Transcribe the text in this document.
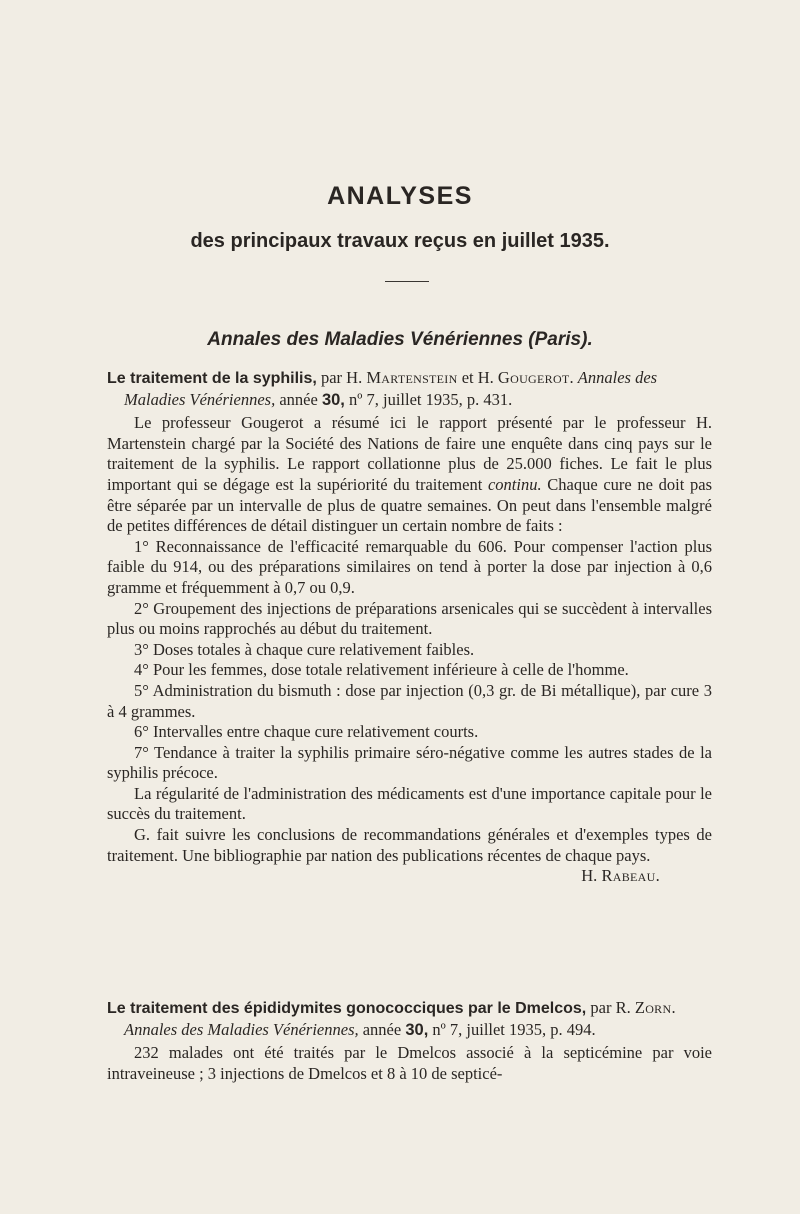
ANALYSES
des principaux travaux reçus en juillet 1935.
Annales des Maladies Vénériennes (Paris).

Le traitement de la syphilis, par H. Martenstein et H. Gougerot. Annales des

Maladies Vénériennes, année 30, nº 7, juillet 1935, p. 431.

Le professeur Gougerot a résumé ici le rapport présenté par le professeur H. Martenstein chargé par la Société des Nations de faire une enquête dans cinq pays sur le traitement de la syphilis. Le rapport collationne plus de 25.000 fiches. Le fait le plus important qui se dégage est la supériorité du traitement continu. Chaque cure ne doit pas être séparée par un intervalle de plus de quatre semaines. On peut dans l'ensemble malgré de petites différences de détail distinguer un certain nombre de faits :

1° Reconnaissance de l'efficacité remarquable du 606. Pour compenser l'action plus faible du 914, ou des préparations similaires on tend à porter la dose par injection à 0,6 gramme et fréquemment à 0,7 ou 0,9.

2° Groupement des injections de préparations arsenicales qui se succèdent à intervalles plus ou moins rapprochés au début du traitement.

3° Doses totales à chaque cure relativement faibles.

4° Pour les femmes, dose totale relativement inférieure à celle de l'homme.

5° Administration du bismuth : dose par injection (0,3 gr. de Bi métallique), par cure 3 à 4 grammes.

6° Intervalles entre chaque cure relativement courts.

7° Tendance à traiter la syphilis primaire séro-négative comme les autres stades de la syphilis précoce.

La régularité de l'administration des médicaments est d'une importance capitale pour le succès du traitement.

G. fait suivre les conclusions de recommandations générales et d'exemples types de traitement. Une bibliographie par nation des publications récentes de chaque pays.
H. Rabeau.

Le traitement des épididymites gonococciques par le Dmelcos, par R. Zorn.

Annales des Maladies Vénériennes, année 30, nº 7, juillet 1935, p. 494.

232 malades ont été traités par le Dmelcos associé à la septicémine par voie intraveineuse ; 3 injections de Dmelcos et 8 à 10 de septicé-
